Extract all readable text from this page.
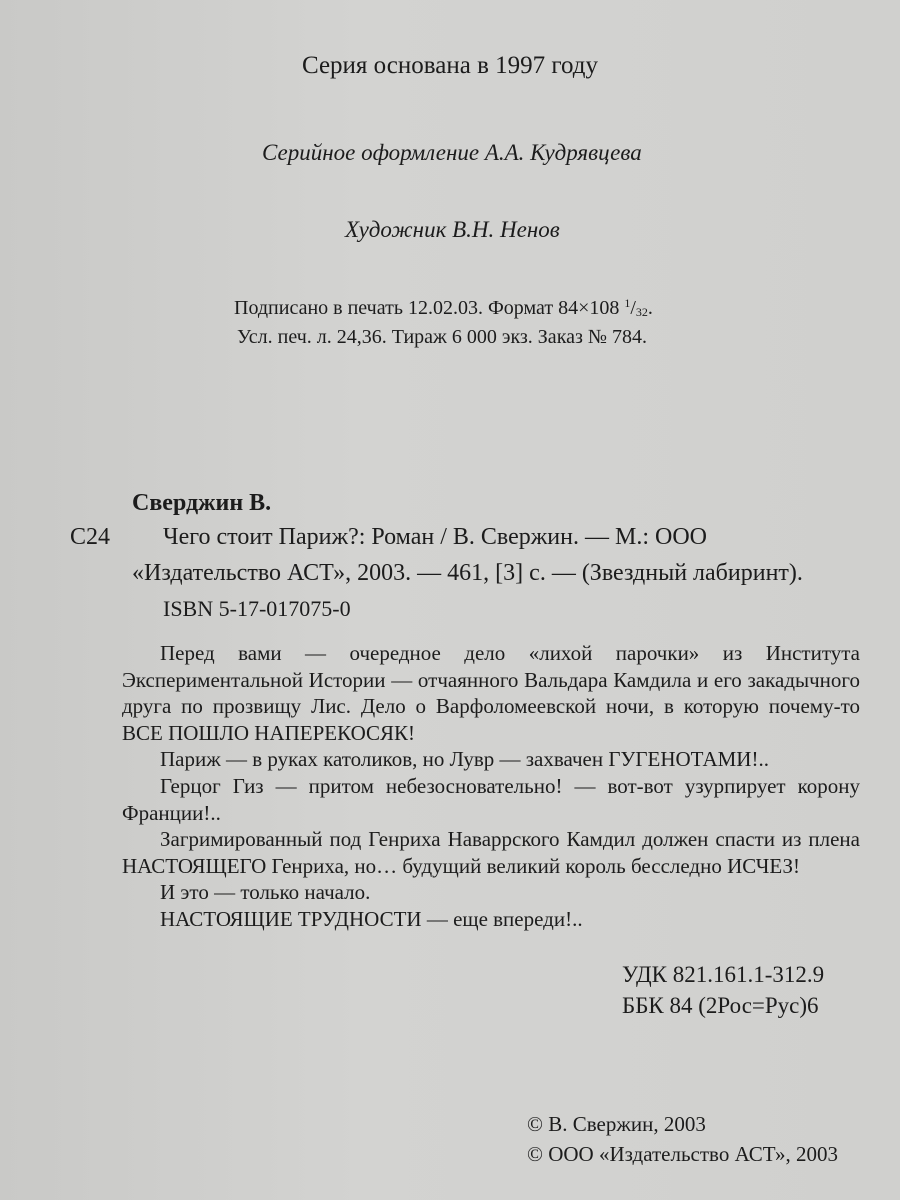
Серия основана в 1997 году
Серийное оформление А.А. Кудрявцева
Художник В.Н. Ненов
Подписано в печать 12.02.03. Формат 84×108 $^1/_{32}$.
Усл. печ. л. 24,36. Тираж 6 000 экз. Заказ № 784.
Сверджин В.
С24 Чего стоит Париж?: Роман / В. Свержин. — М.: ООО
«Издательство АСТ», 2003. — 461, [3] с. — (Звездный лабиринт).
ISBN 5-17-017075-0

Перед вами — очередное дело «лихой парочки» из Института Экспериментальной Истории — отчаянного Вальдара Камдила и его закадычного друга по прозвищу Лис. Дело о Варфоломеевской ночи, в которую почему-то ВСЕ ПОШЛО НАПЕРЕКОСЯК!

Париж — в руках католиков, но Лувр — захвачен ГУГЕНОТАМИ!..

Герцог Гиз — притом небезосновательно! — вот-вот узурпирует корону Франции!..

Загримированный под Генриха Наваррского Камдил должен спасти из плена НАСТОЯЩЕГО Генриха, но… будущий великий король бесследно ИСЧЕЗ!

И это — только начало.

НАСТОЯЩИЕ ТРУДНОСТИ — еще впереди!..

УДК 821.161.1-312.9
ББК 84 (2Рос=Рус)6
© В. Свержин, 2003
© ООО «Издательство АСТ», 2003
